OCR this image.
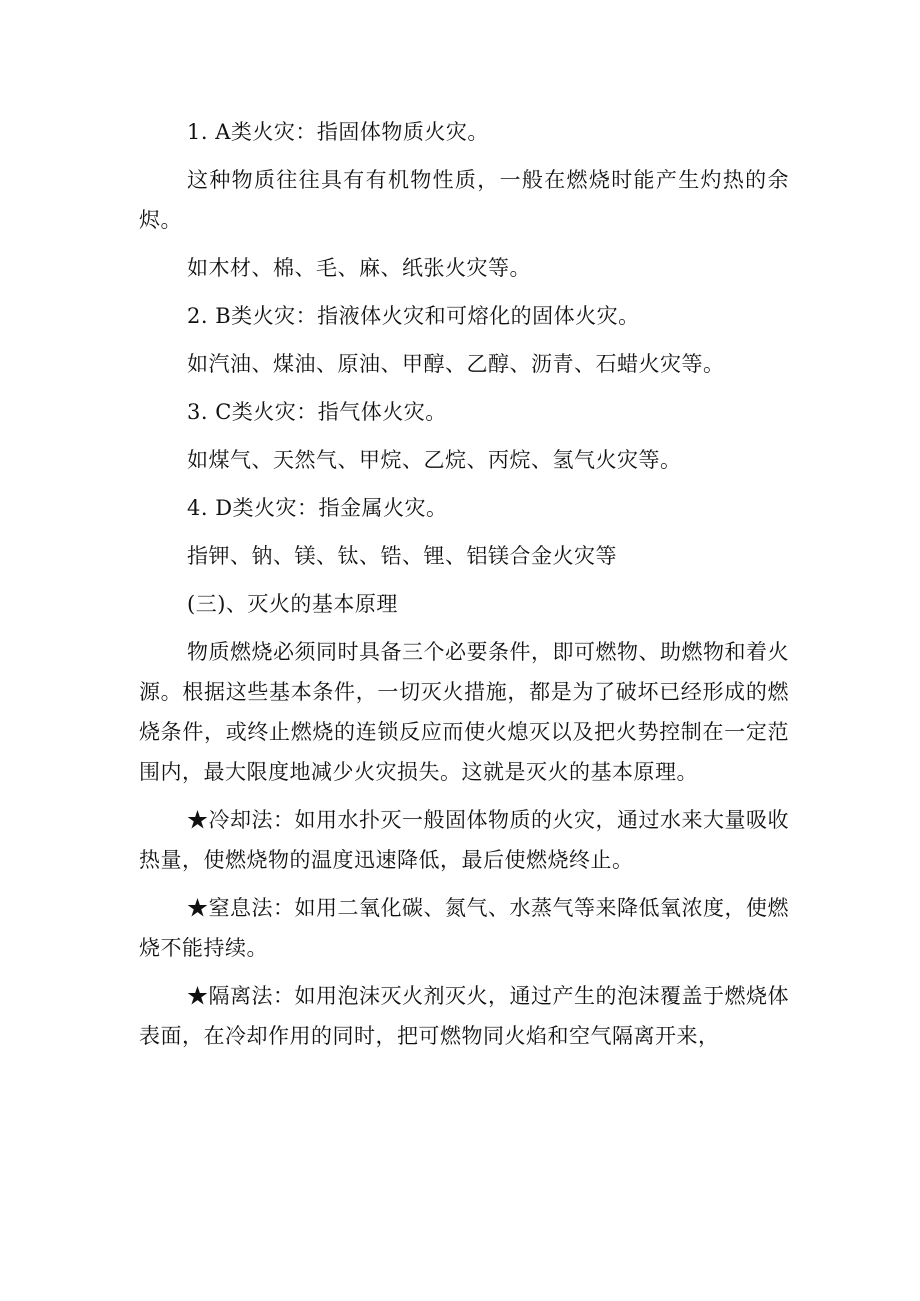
1. A类火灾：指固体物质火灾。

这种物质往往具有有机物性质，一般在燃烧时能产生灼热的余烬。

如木材、棉、毛、麻、纸张火灾等。

2. B类火灾：指液体火灾和可熔化的固体火灾。

如汽油、煤油、原油、甲醇、乙醇、沥青、石蜡火灾等。

3. C类火灾：指气体火灾。

如煤气、天然气、甲烷、乙烷、丙烷、氢气火灾等。

4. D类火灾：指金属火灾。

指钾、钠、镁、钛、锆、锂、铝镁合金火灾等

(三)、灭火的基本原理

物质燃烧必须同时具备三个必要条件，即可燃物、助燃物和着火源。根据这些基本条件，一切灭火措施，都是为了破坏已经形成的燃烧条件，或终止燃烧的连锁反应而使火熄灭以及把火势控制在一定范围内，最大限度地减少火灾损失。这就是灭火的基本原理。

★冷却法：如用水扑灭一般固体物质的火灾，通过水来大量吸收热量，使燃烧物的温度迅速降低，最后使燃烧终止。

★窒息法：如用二氧化碳、氮气、水蒸气等来降低氧浓度，使燃烧不能持续。

★隔离法：如用泡沫灭火剂灭火，通过产生的泡沫覆盖于燃烧体表面，在冷却作用的同时，把可燃物同火焰和空气隔离开来，
